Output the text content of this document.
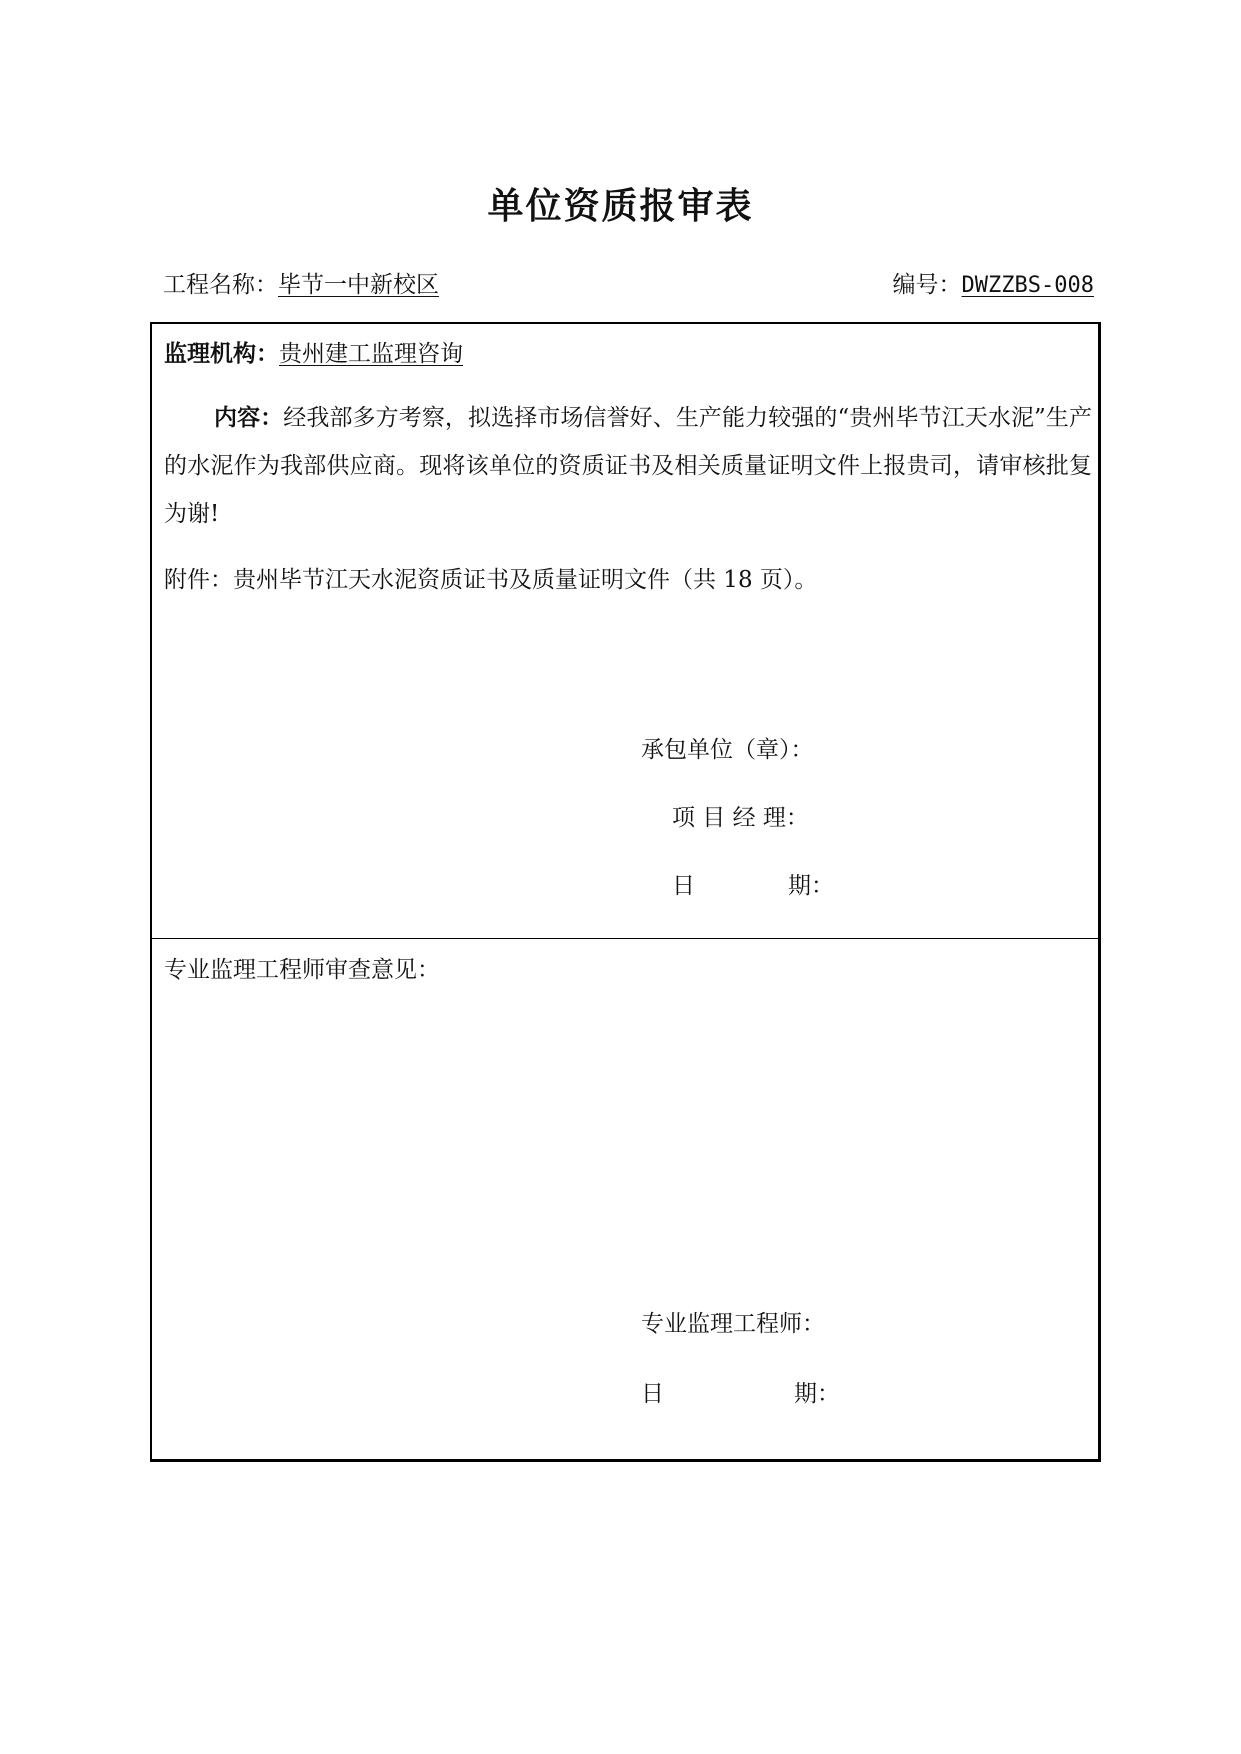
单位资质报审表
工程名称：毕节一中新校区	编号：DWZZBS-008
监理机构：贵州建工监理咨询
内容：经我部多方考察，拟选择市场信誉好、生产能力较强的“贵州毕节江天水泥”生产的水泥作为我部供应商。现将该单位的资质证书及相关质量证明文件上报贵司，请审核批复为谢!
附件：贵州毕节江天水泥资质证书及质量证明文件（共 18 页）。
承包单位（章）：
项 目 经 理：
日	期：
专业监理工程师审查意见：
专业监理工程师：
日	期：
